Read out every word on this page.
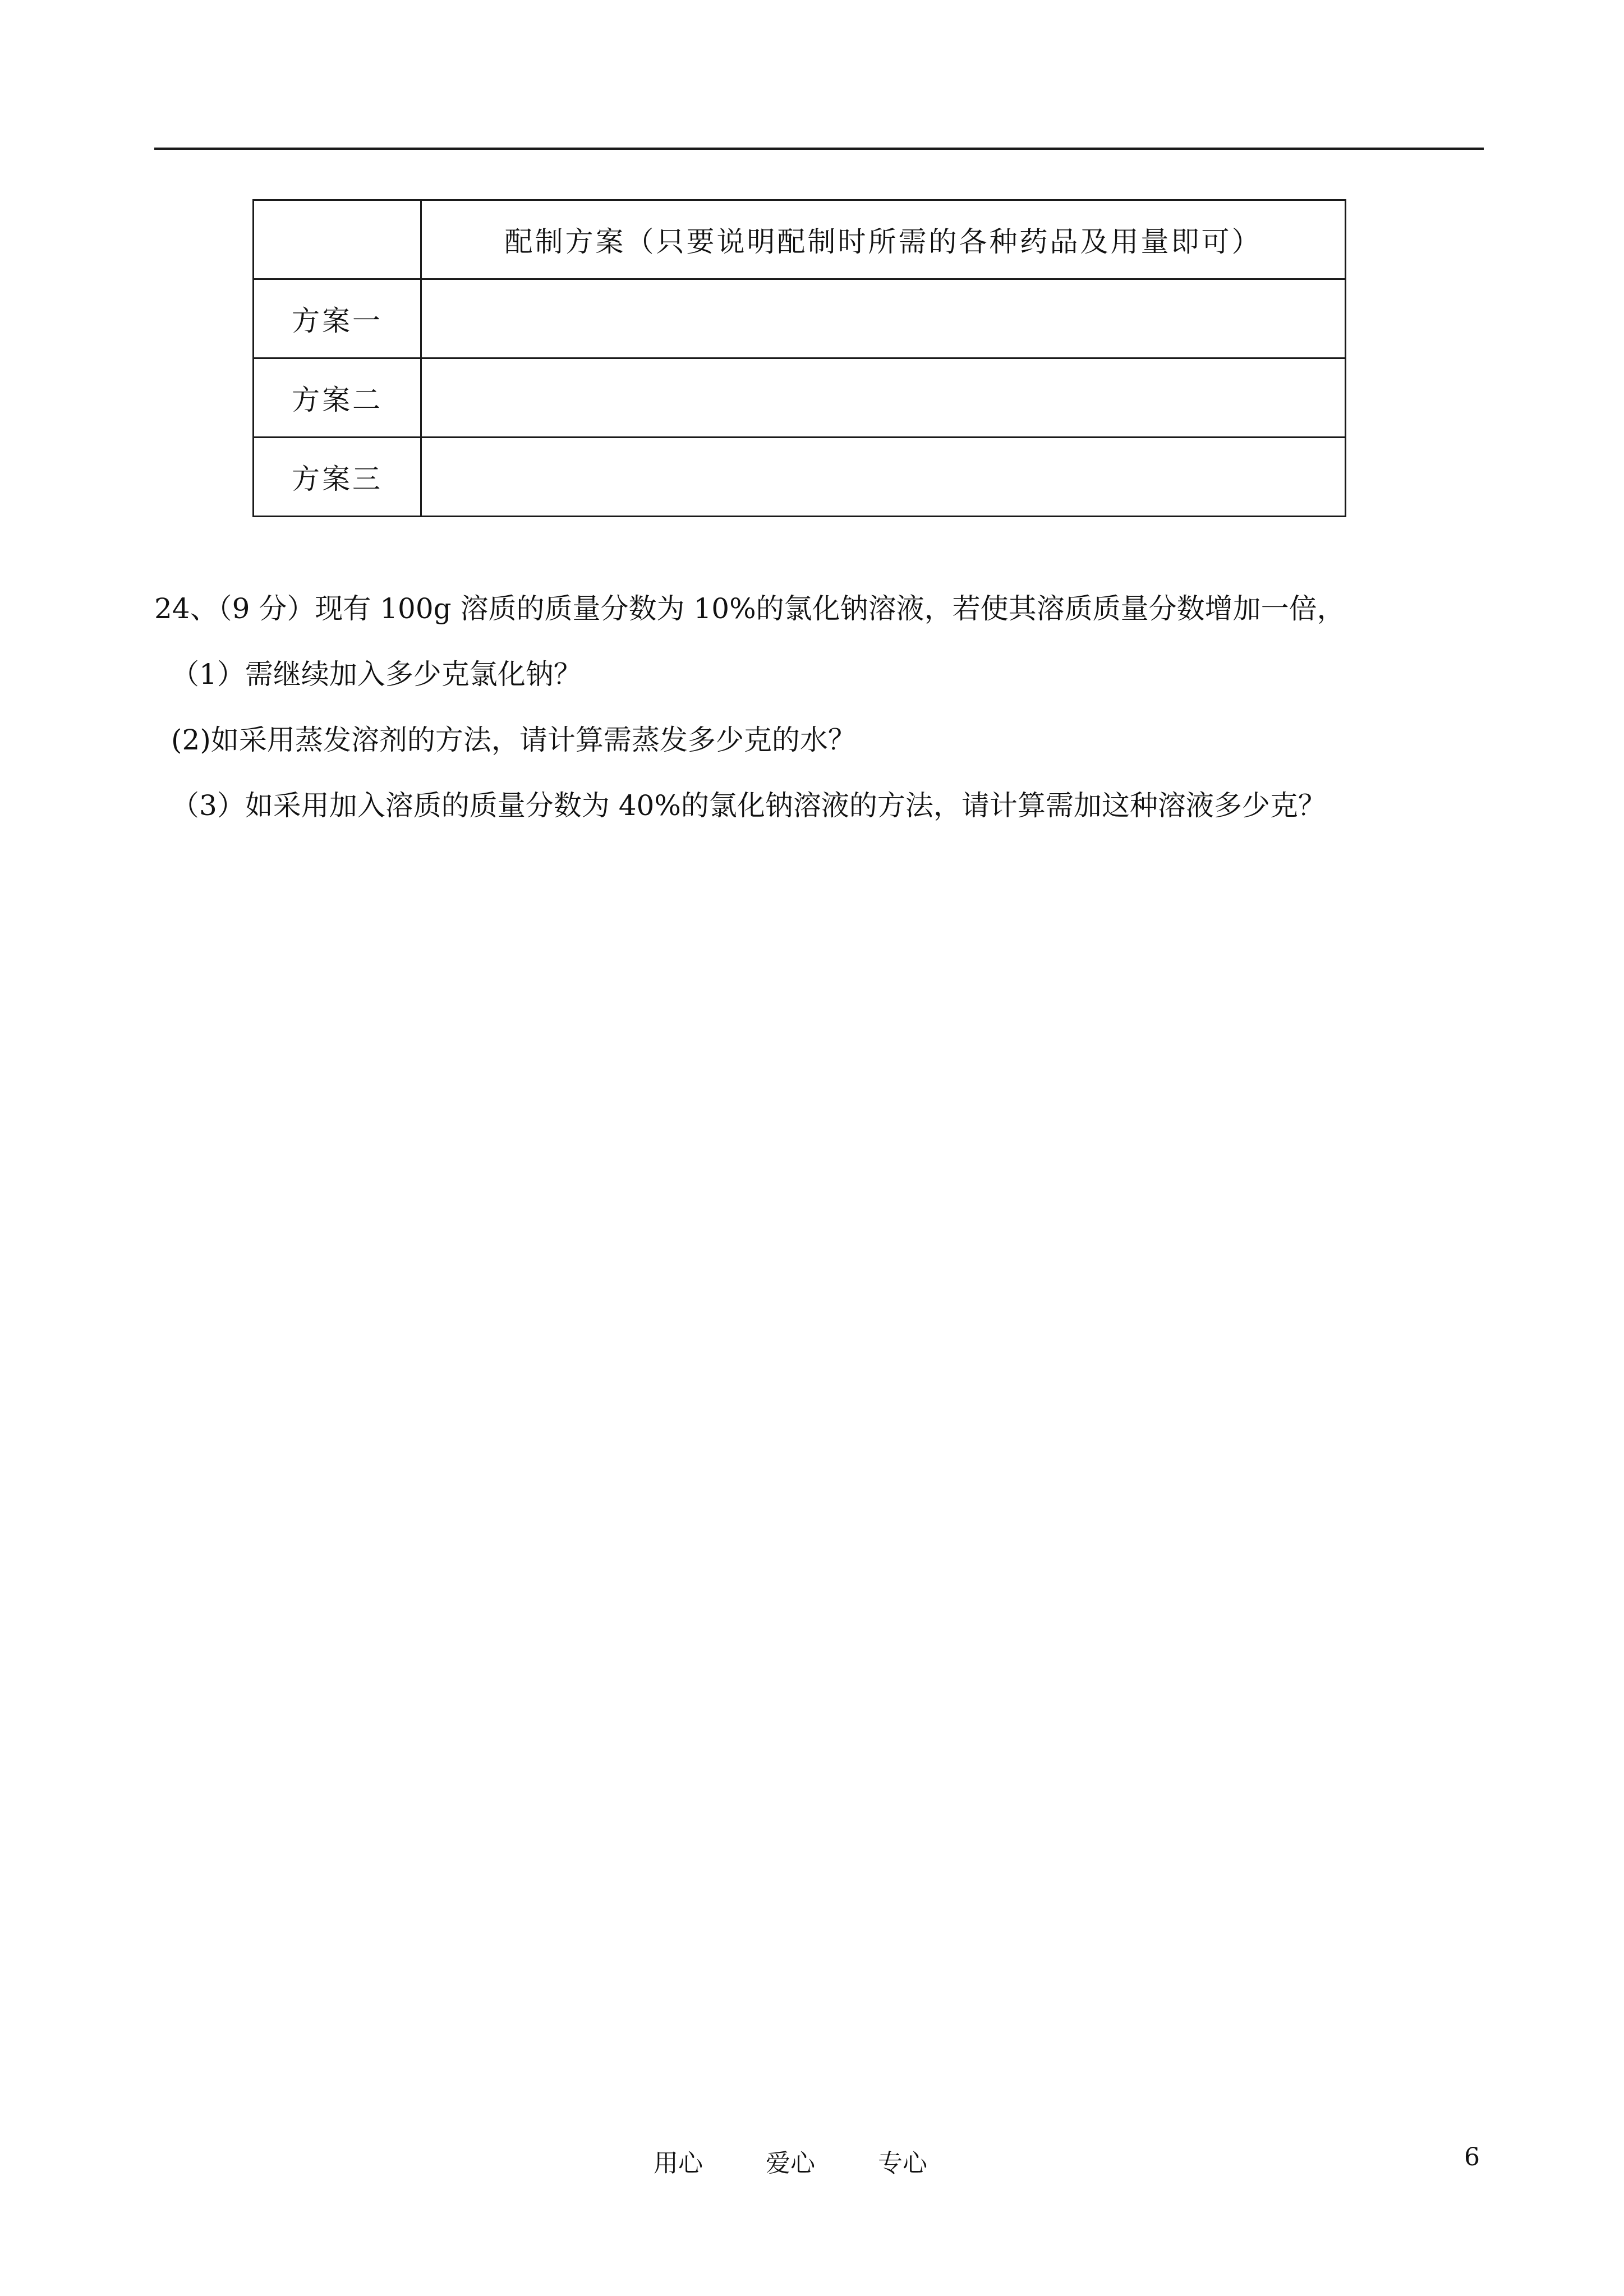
	配制方案（只要说明配制时所需的各种药品及用量即可）
方案一	
方案二	
方案三	
24、（9 分）现有 100g 溶质的质量分数为 10%的氯化钠溶液，若使其溶质质量分数增加一倍，
（1）需继续加入多少克氯化钠？
(2)如采用蒸发溶剂的方法，请计算需蒸发多少克的水？
（3）如采用加入溶质的质量分数为 40%的氯化钠溶液的方法，请计算需加这种溶液多少克？
用心	爱心	专心	6
